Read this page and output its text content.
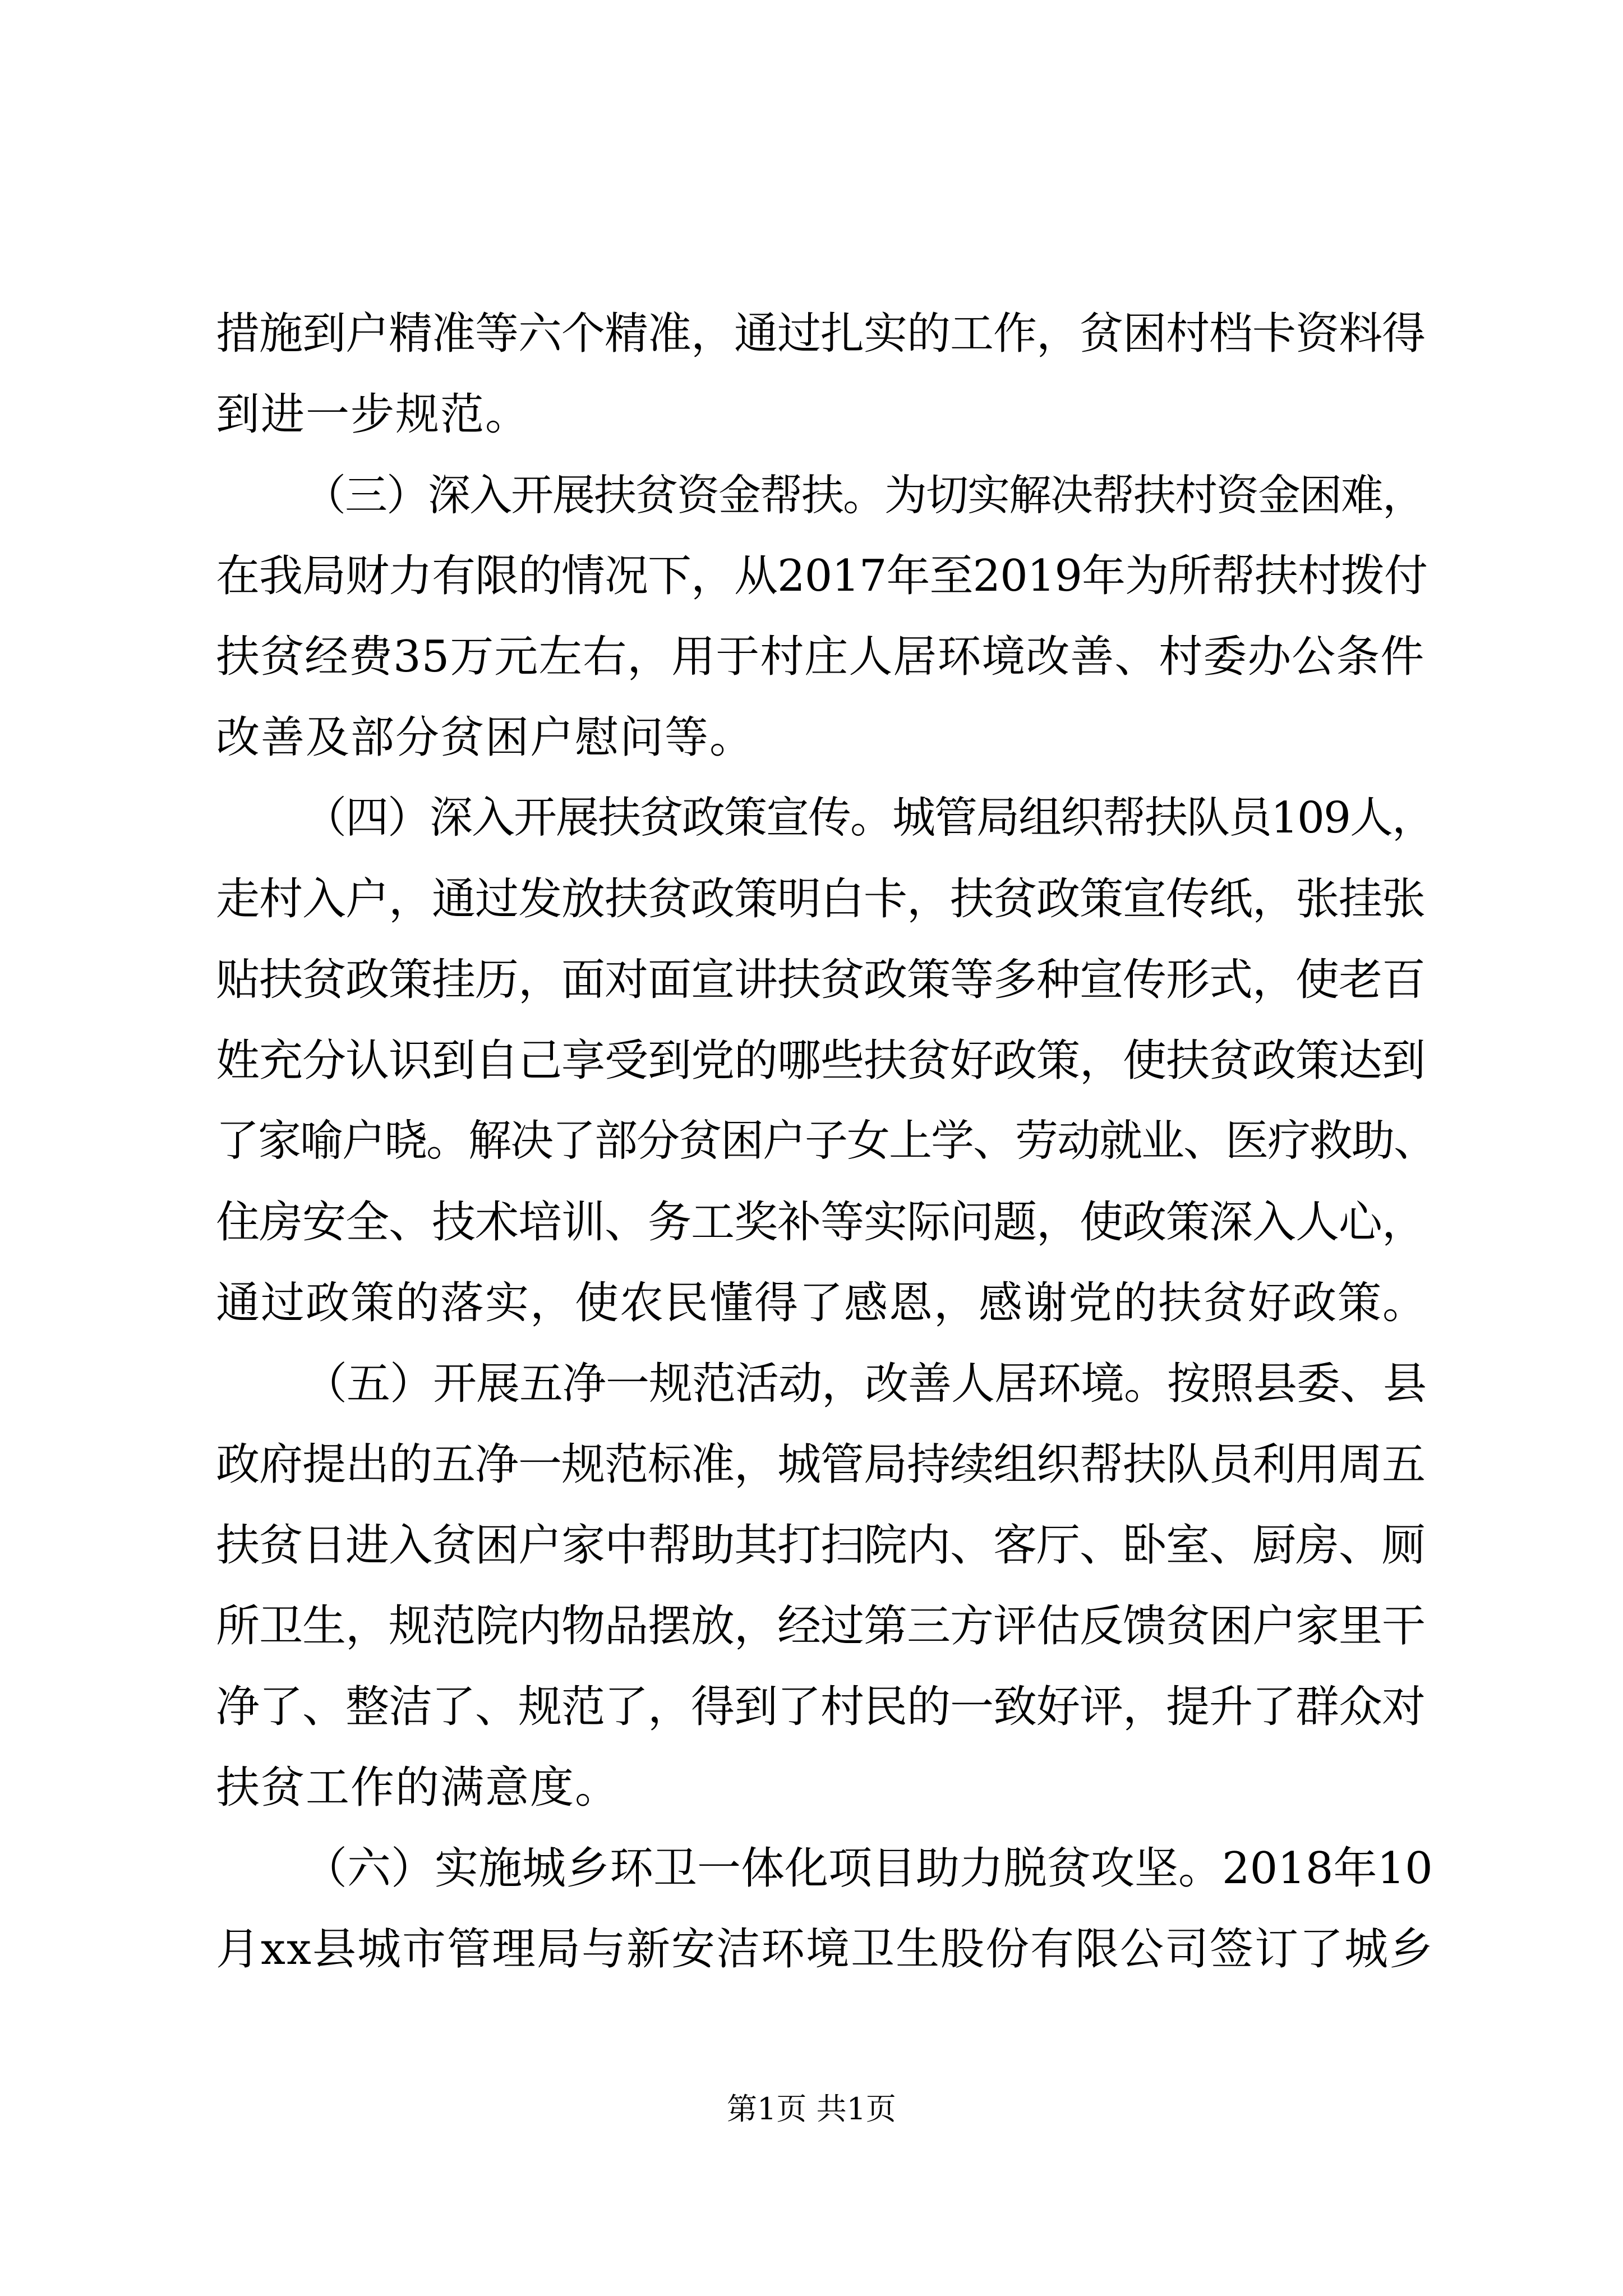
措施到户精准等六个精准，通过扎实的工作，贫困村档卡资料得
到进一步规范。
（三）深入开展扶贫资金帮扶。为切实解决帮扶村资金困难，
在我局财力有限的情况下，从2017年至2019年为所帮扶村拨付
扶贫经费35万元左右，用于村庄人居环境改善、村委办公条件
改善及部分贫困户慰问等。
（四）深入开展扶贫政策宣传。城管局组织帮扶队员109人，
走村入户，通过发放扶贫政策明白卡，扶贫政策宣传纸，张挂张
贴扶贫政策挂历，面对面宣讲扶贫政策等多种宣传形式，使老百
姓充分认识到自己享受到党的哪些扶贫好政策，使扶贫政策达到
了家喻户晓。解决了部分贫困户子女上学、劳动就业、医疗救助、
住房安全、技术培训、务工奖补等实际问题，使政策深入人心，
通过政策的落实，使农民懂得了感恩，感谢党的扶贫好政策。
（五）开展五净一规范活动，改善人居环境。按照县委、县
政府提出的五净一规范标准，城管局持续组织帮扶队员利用周五
扶贫日进入贫困户家中帮助其打扫院内、客厅、卧室、厨房、厕
所卫生，规范院内物品摆放，经过第三方评估反馈贫困户家里干
净了、整洁了、规范了，得到了村民的一致好评，提升了群众对
扶贫工作的满意度。
（六）实施城乡环卫一体化项目助力脱贫攻坚。2018年10
月xx县城市管理局与新安洁环境卫生股份有限公司签订了城乡
第1页 共1页
